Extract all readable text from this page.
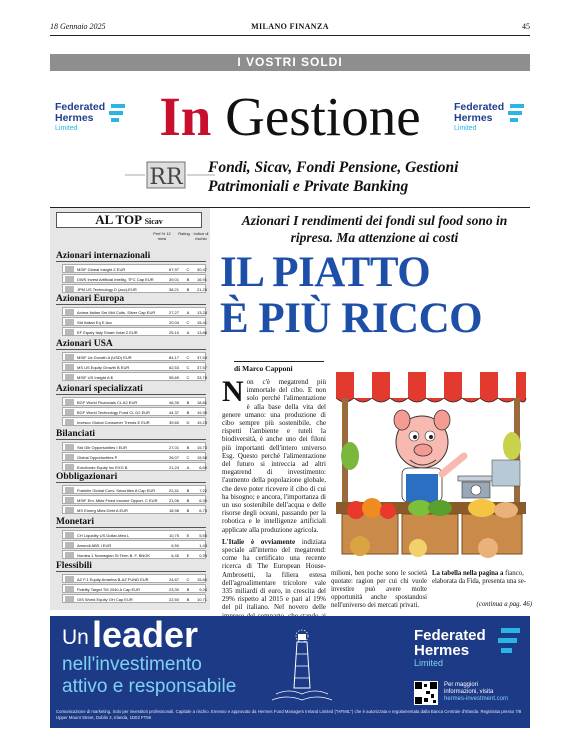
18 Gennaio 2025	MILANO FINANZA	45
I VOSTRI SOLDI
Federated
Hermes
Limited	In Gestione	Federated
Hermes
Limited
RR Fondi, Sicav, Fondi Pensione, Gestioni Patrimoniali e Private Banking
AL TOP Sicav
Perf.% 12 mesi
Rating Indice di rischio
Azionari internazionali
MSIF Global Insight Z EUR	67,97	C	30,47
DWS Invest Artificial Intellig. TFC Cap EUR	39,01	B	16,91
JPM US Technology D (acc)-EUR	38,21	B	21,25
Azionari Europa
Anima Italian Sm Mid Cults. Silver Cap EUR	27,27	A	13,24
Std Italian Eq E Acc	20,04	C	15,41
EF Equity Italy Smart Volat Z EUR	25,10	A	13,88
Azionari USA
MSIF Us Growth A (USD) EUR	84,17	C	37,53
MS US Equity Growth B EUR	62,53	C	37,57
MSIF US Insight A $	55,69	C	33,78
Azionari specializzati
BGF World Financials CL A2 EUR	46,39	B	18,81
BGF World Technology Fund CL D2 EUR	44,37	B	19,30
Invesco Global Consumer Trends E EUR	39,60	D	19,23
Bilanciati
Std Glb Opportunities I EUR	27,01	B	15,73
Global Opportunities P	26,07	C	15,58
Eurofondo Equity Inc EXG B	21,24	A	6,69
Obbligazionari
Franklin Global Conv. Securities A Cap EUR	22,41	B	7,22
MSIF Em. Mkts Fixed Income Opport. C EUR	21,06	B	6,39
MS Emerg Mkts Debt A EUR	18,98	B	6,73
Monetari
CH Liquidity US Dollar-Med L	10,75	E	5,55
Amundi ABS I EUR	6,50	1,43
Nordea 1 Norwegian St Term B. F. BNOK	6,45	E	0,39
Flessibili
AZ F.1 Equity Amarina B-AZ FUND EUR	24,67	C	15,60
Fidelity Target TM 2040 A Cap EUR	23,30	B	9,24
GIS World Equity OH Cap EUR	22,50	B	10,71
Azionari I rendimenti dei fondi sul food sono in ripresa. Ma attenzione ai costi
IL PIATTO
È PIÙ RICCO
di Marco Capponi
Non c'è megatrend più immortale del cibo. E non solo perché l'alimentazione è alla base della vita del genere umano: una produzione di cibo sempre più sostenibile, che rispetti l'ambiente e tuteli la biodiversità, è anche uno dei filoni più importanti dell'intero universo Esg. Questo perché l'alimentazione del futuro si intreccia ad altri megatrend di investimento: l'aumento della popolazione globale, che deve poter ricevere il cibo di cui ha bisogno; e ancora, l'importanza di un uso sostenibile dell'acqua e delle risorse degli oceani, passando per la robotica e le intelligenze artificiali applicate alla produzione agricola.
L'Italie è ovviamente indiziata speciale all'interno del megatrend: come ha certificato una recente ricerca di The European House-Ambrosetti, la filiera estesa dell'agroalimentare tricolore vale 335 miliardi di euro, in crescita del 29% rispetto al 2015 e pari al 19% del pil italiano. Nel novero delle
milioni, ben poche sono le società quotate: ragion per cui chi vuole investire può avere molte opportunità anche spostandosi nell'universo dei mercati privati.
La tabella nella pagina a fianco, elaborata da Fida, presenta una se-
(continua a pag. 46)
Un leader
nell'investimento
attivo e responsabile
Federated
Hermes
Limited
Per maggiori
informazioni, visita
hermes-investment.com
Comunicazione di marketing. Solo per investitori professionali. Capitale a rischio. Emesso e approvato da Hermes Fund Managers Ireland Limited ("HFMIL") che è autorizzata e regolamentata dalla Banca Centrale d'Irlanda. Registrata presso 7/8 Upper Mount Street, Dublin 2, Irlanda, 1D02 FT59
